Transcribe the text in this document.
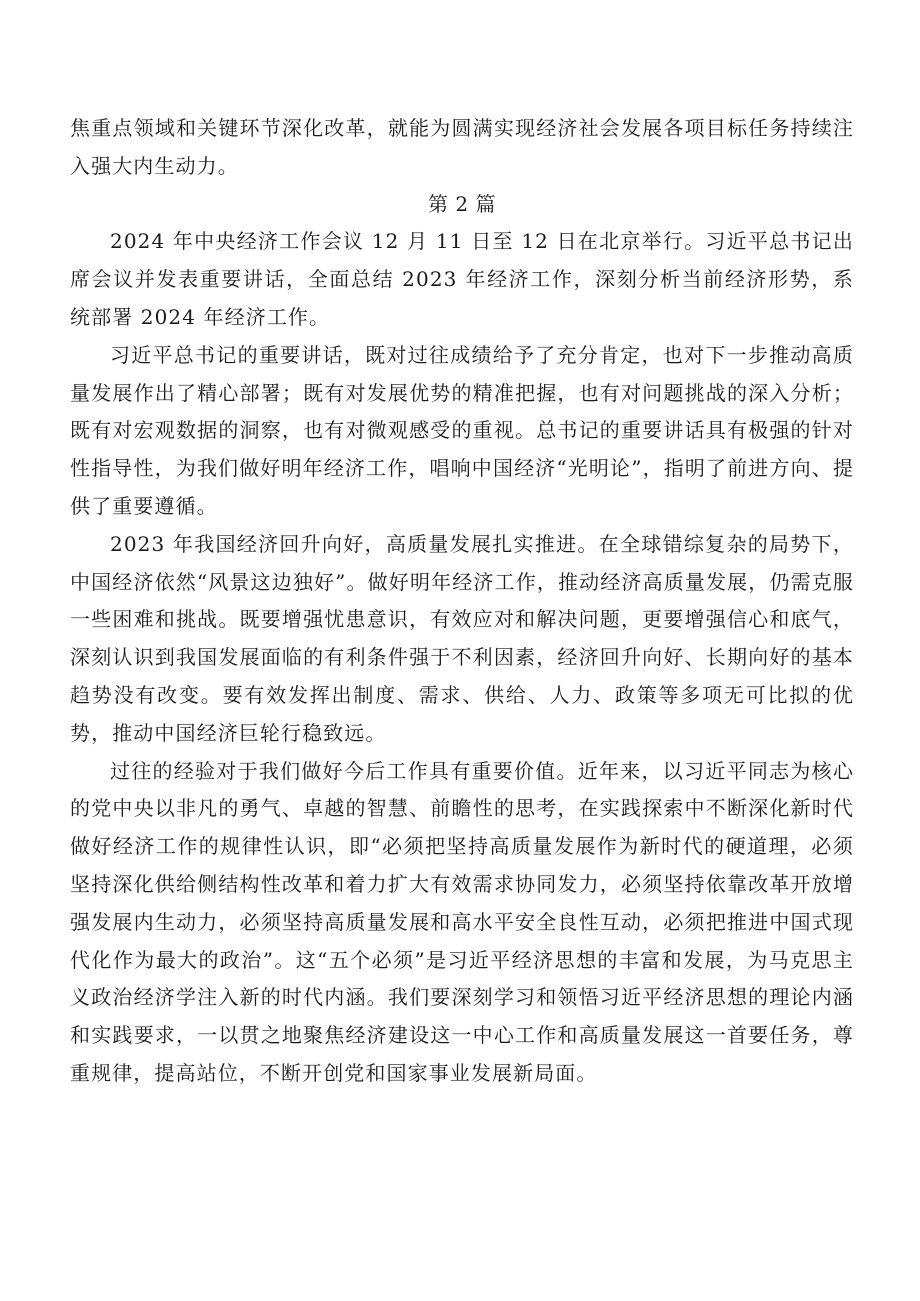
焦重点领域和关键环节深化改革，就能为圆满实现经济社会发展各项目标任务持续注入强大内生动力。

第 2 篇

2024 年中央经济工作会议 12 月 11 日至 12 日在北京举行。习近平总书记出席会议并发表重要讲话，全面总结 2023 年经济工作，深刻分析当前经济形势，系统部署 2024 年经济工作。

习近平总书记的重要讲话，既对过往成绩给予了充分肯定，也对下一步推动高质量发展作出了精心部署；既有对发展优势的精准把握，也有对问题挑战的深入分析；既有对宏观数据的洞察，也有对微观感受的重视。总书记的重要讲话具有极强的针对性指导性，为我们做好明年经济工作，唱响中国经济“光明论”，指明了前进方向、提供了重要遵循。

2023 年我国经济回升向好，高质量发展扎实推进。在全球错综复杂的局势下，中国经济依然“风景这边独好”。做好明年经济工作，推动经济高质量发展，仍需克服一些困难和挑战。既要增强忧患意识，有效应对和解决问题，更要增强信心和底气，深刻认识到我国发展面临的有利条件强于不利因素，经济回升向好、长期向好的基本趋势没有改变。要有效发挥出制度、需求、供给、人力、政策等多项无可比拟的优势，推动中国经济巨轮行稳致远。

过往的经验对于我们做好今后工作具有重要价值。近年来，以习近平同志为核心的党中央以非凡的勇气、卓越的智慧、前瞻性的思考，在实践探索中不断深化新时代做好经济工作的规律性认识，即“必须把坚持高质量发展作为新时代的硬道理，必须坚持深化供给侧结构性改革和着力扩大有效需求协同发力，必须坚持依靠改革开放增强发展内生动力，必须坚持高质量发展和高水平安全良性互动，必须把推进中国式现代化作为最大的政治”。这“五个必须”是习近平经济思想的丰富和发展，为马克思主义政治经济学注入新的时代内涵。我们要深刻学习和领悟习近平经济思想的理论内涵和实践要求，一以贯之地聚焦经济建设这一中心工作和高质量发展这一首要任务，尊重规律，提高站位，不断开创党和国家事业发展新局面。
